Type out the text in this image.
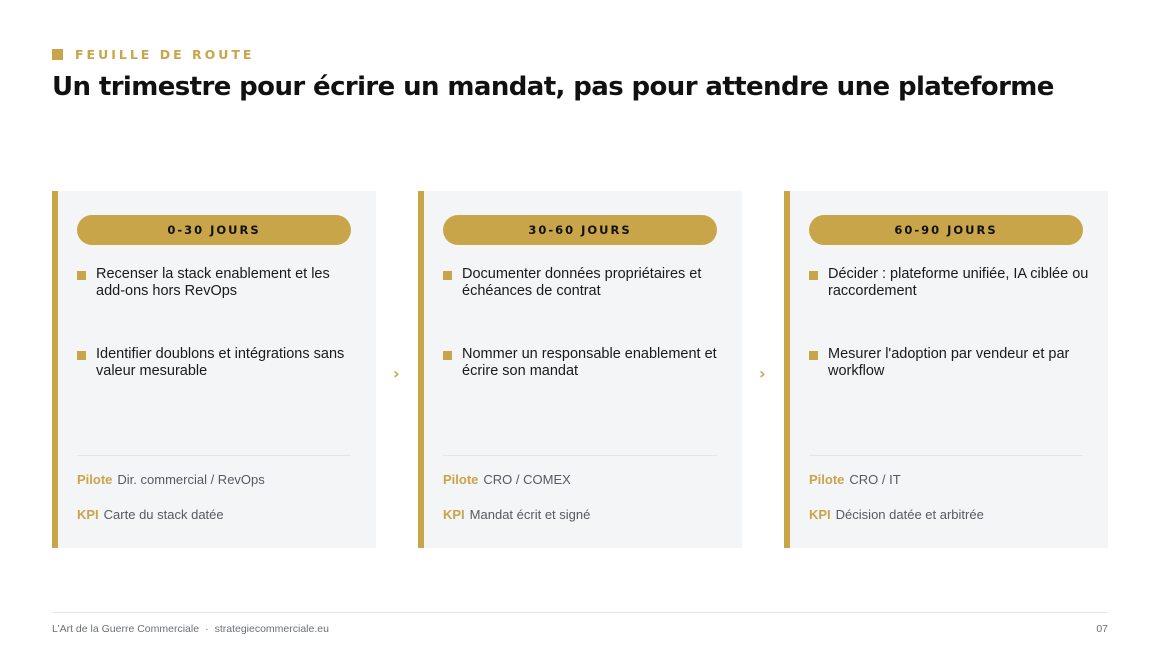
FEUILLE DE ROUTE
Un trimestre pour écrire un mandat, pas pour attendre une plateforme
0-30 JOURS
Recenser la stack enablement et les add-ons hors RevOps
Identifier doublons et intégrations sans valeur mesurable
Pilote Dir. commercial / RevOps
KPI Carte du stack datée
›
30-60 JOURS
Documenter données propriétaires et échéances de contrat
Nommer un responsable enablement et écrire son mandat
Pilote CRO / COMEX
KPI Mandat écrit et signé
›
60-90 JOURS
Décider : plateforme unifiée, IA ciblée ou raccordement
Mesurer l'adoption par vendeur et par workflow
Pilote CRO / IT
KPI Décision datée et arbitrée
L’Art de la Guerre Commerciale · strategiecommerciale.eu	07
